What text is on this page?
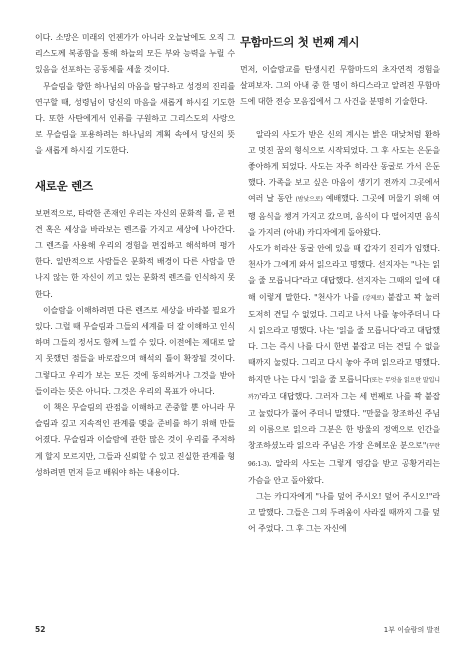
이다. 소망은 미래의 언젠가가 아니라 오늘날에도 오직 그리스도께 복종함을 통해 하늘의 모든 부와 능력을 누릴 수 있음을 선포하는 공동체를 세울 것이다.

무슬림을 향한 하나님의 마음을 탐구하고 성경의 진리를 연구할 때, 성령님이 당신의 마음을 새롭게 하시길 기도한다. 또한 사탄에게서 인류를 구원하고 그리스도의 사랑으로 무슬림을 포용하려는 하나님의 계획 속에서 당신의 뜻을 새롭게 하시길 기도한다.

새로운 렌즈

보편적으로, 타락한 존재인 우리는 자신의 문화적 틀, 곧 편견 혹은 세상을 바라보는 렌즈를 가지고 세상에 나아간다. 그 렌즈를 사용해 우리의 경험을 편집하고 해석하며 평가한다. 일반적으로 사람들은 문화적 배경이 다른 사람을 만나지 않는 한 자신이 끼고 있는 문화적 렌즈를 인식하지 못한다.

이슬람을 이해하려면 다른 렌즈로 세상을 바라볼 필요가 있다. 그럴 때 무슬림과 그들의 세계를 더 잘 이해하고 인식하며 그들의 정서도 함께 느낄 수 있다. 이전에는 제대로 알지 못했던 점들을 바로잡으며 해석의 틀이 확장될 것이다. 그렇다고 우리가 보는 모든 것에 동의하거나 그것을 받아들이라는 뜻은 아니다. 그것은 우리의 목표가 아니다.

이 책은 무슬림의 관점을 이해하고 존중할 뿐 아니라 무슬림과 깊고 지속적인 관계를 맺을 준비를 하기 위해 만들어졌다. 무슬림과 이슬람에 관한 많은 것이 우리를 주저하게 할지 모르지만, 그들과 신뢰할 수 있고 진실한 관계를 형성하려면 먼저 듣고 배워야 하는 내용이다.

무함마드의 첫 번째 계시

먼저, 이슬람교를 탄생시킨 무함마드의 초자연적 경험을 살펴보자. 그의 아내 중 한 명이 하디스라고 알려진 무함마드에 대한 전승 모음집에서 그 사건을 분명히 기술한다.

알라의 사도가 받은 신의 계시는 밝은 대낮처럼 환하고 멋진 꿈의 형식으로 시작되었다. 그 후 사도는 은둔을 좋아하게 되었다. 사도는 자주 히라산 동굴로 가서 은둔했다. 가족을 보고 싶은 마음이 생기기 전까지 그곳에서 여러 날 동안 (밤낮으로) 예배했다. 그곳에 머물기 위해 여행 음식을 챙겨 가지고 갔으며, 음식이 다 떨어지면 음식을 가지러 (아내) 카디자에게 돌아왔다.

사도가 히라산 동굴 안에 있을 때 갑자기 진리가 임했다. 천사가 그에게 와서 읽으라고 명했다. 선지자는 "나는 읽을 줄 모릅니다"라고 대답했다. 선지자는 그때의 일에 대해 이렇게 말한다. "천사가 나를 (강제로) 붙잡고 꽉 눌러 도저히 견딜 수 없었다. 그리고 나서 나를 놓아주더니 다시 읽으라고 명했다. 나는 '읽을 줄 모릅니다'라고 대답했다. 그는 즉시 나를 다시 한번 붙잡고 더는 견딜 수 없을 때까지 눌렀다. 그리고 다시 놓아 주며 읽으라고 명했다. 하지만 나는 다시 '읽을 줄 모릅니다(또는 무엇을 읽으란 말입니까?)'라고 대답했다. 그러자 그는 세 번째로 나를 꽉 붙잡고 눌렀다가 풀어 주더니 말했다. "만물을 창조하신 주님의 이름으로 읽으라 그분은 한 방울의 정액으로 인간을 창조하셨노라 읽으라 주님은 가장 은혜로운 분으로"(꾸란 96:1-3). 알라의 사도는 그렇게 영감을 받고 공황거리는 가슴을 안고 돌아왔다.

그는 카디자에게 "나를 덮어 주시오! 덮어 주시오!"라고 말했다. 그들은 그의 두려움이 사라질 때까지 그를 덮어 주었다. 그 후 그는 자신에

52	1부 이슬람의 발전
